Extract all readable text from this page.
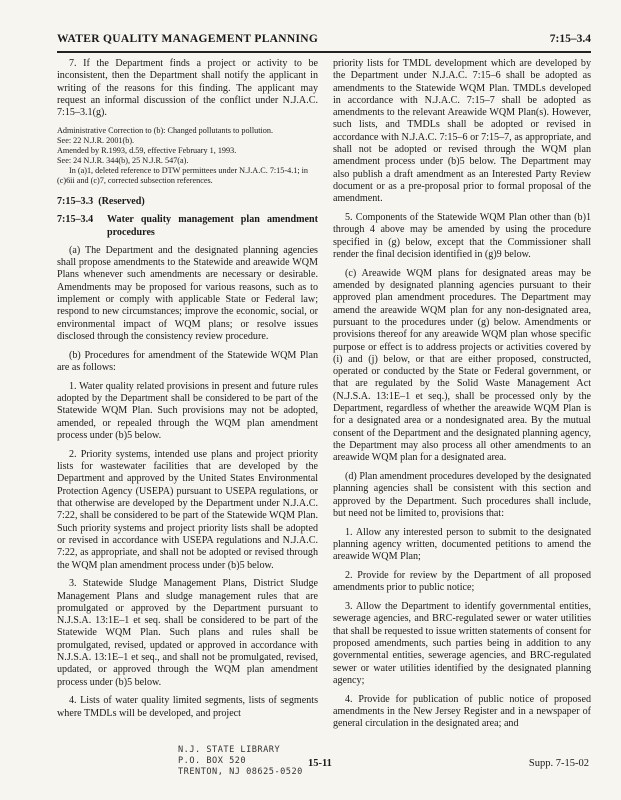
WATER QUALITY MANAGEMENT PLANNING	7:15–3.4

7. If the Department finds a project or activity to be inconsistent, then the Department shall notify the applicant in writing of the reasons for this finding. The applicant may request an informal discussion of the conflict under N.J.A.C. 7:15–3.1(g).

Administrative Correction to (b): Changed pollutants to pollution.

See: 22 N.J.R. 2001(b).

Amended by R.1993, d.59, effective February 1, 1993.

See: 24 N.J.R. 344(b), 25 N.J.R. 547(a).

In (a)1, deleted reference to DTW permittees under N.J.A.C. 7:15-4.1; in (c)6ii and (c)7, corrected subsection references.

7:15–3.3 (Reserved)

7:15–3.4	Water quality management plan amendment procedures

(a) The Department and the designated planning agencies shall propose amendments to the Statewide and areawide WQM Plans whenever such amendments are necessary or desirable. Amendments may be proposed for various reasons, such as to implement or comply with applicable State or Federal law; respond to new circumstances; improve the economic, social, or environmental impact of WQM plans; or resolve issues disclosed through the consistency review procedure.

(b) Procedures for amendment of the Statewide WQM Plan are as follows:

1. Water quality related provisions in present and future rules adopted by the Department shall be considered to be part of the Statewide WQM Plan. Such provisions may not be adopted, amended, or repealed through the WQM plan amendment process under (b)5 below.

2. Priority systems, intended use plans and project priority lists for wastewater facilities that are developed by the Department and approved by the United States Environmental Protection Agency (USEPA) pursuant to USEPA regulations, or that otherwise are developed by the Department under N.J.A.C. 7:22, shall be considered to be part of the Statewide WQM Plan. Such priority systems and project priority lists shall be adopted or revised in accordance with USEPA regulations and N.J.A.C. 7:22, as appropriate, and shall not be adopted or revised through the WQM plan amendment process under (b)5 below.

3. Statewide Sludge Management Plans, District Sludge Management Plans and sludge management rules that are promulgated or approved by the Department pursuant to N.J.S.A. 13:1E–1 et seq. shall be considered to be part of the Statewide WQM Plan. Such plans and rules shall be promulgated, revised, updated or approved in accordance with N.J.S.A. 13:1E–1 et seq., and shall not be promulgated, revised, updated, or approved through the WQM plan amendment process under (b)5 below.

4. Lists of water quality limited segments, lists of segments where TMDLs will be developed, and project

priority lists for TMDL development which are developed by the Department under N.J.A.C. 7:15–6 shall be adopted as amendments to the Statewide WQM Plan. TMDLs developed in accordance with N.J.A.C. 7:15–7 shall be adopted as amendments to the relevant Areawide WQM Plan(s). However, such lists, and TMDLs shall be adopted or revised in accordance with N.J.A.C. 7:15–6 or 7:15–7, as appropriate, and shall not be adopted or revised through the WQM plan amendment process under (b)5 below. The Department may also publish a draft amendment as an Interested Party Review document or as a pre-proposal prior to formal proposal of the amendment.

5. Components of the Statewide WQM Plan other than (b)1 through 4 above may be amended by using the procedure specified in (g) below, except that the Commissioner shall render the final decision identified in (g)9 below.

(c) Areawide WQM plans for designated areas may be amended by designated planning agencies pursuant to their approved plan amendment procedures. The Department may amend the areawide WQM plan for any non-designated area, pursuant to the procedures under (g) below. Amendments or provisions thereof for any areawide WQM plan whose specific purpose or effect is to address projects or activities covered by (i) and (j) below, or that are either proposed, constructed, operated or conducted by the State or Federal government, or that are regulated by the Solid Waste Management Act (N.J.S.A. 13:1E–1 et seq.), shall be processed only by the Department, regardless of whether the areawide WQM Plan is for a designated area or a nondesignated area. By the mutual consent of the Department and the designated planning agency, the Department may also process all other amendments to an areawide WQM plan for a designated area.

(d) Plan amendment procedures developed by the designated planning agencies shall be consistent with this section and approved by the Department. Such procedures shall include, but need not be limited to, provisions that:

1. Allow any interested person to submit to the designated planning agency written, documented petitions to amend the areawide WQM Plan;

2. Provide for review by the Department of all proposed amendments prior to public notice;

3. Allow the Department to identify governmental entities, sewerage agencies, and BRC-regulated sewer or water utilities that shall be requested to issue written statements of consent for proposed amendments, such parties being in addition to any governmental entities, sewerage agencies, and BRC-regulated sewer or water utilities identified by the designated planning agency;

4. Provide for publication of public notice of proposed amendments in the New Jersey Register and in a newspaper of general circulation in the designated area; and

N.J. STATE LIBRARY
P.O. BOX 520
TRENTON, NJ 08625-0520
15-11	Supp. 7-15-02
